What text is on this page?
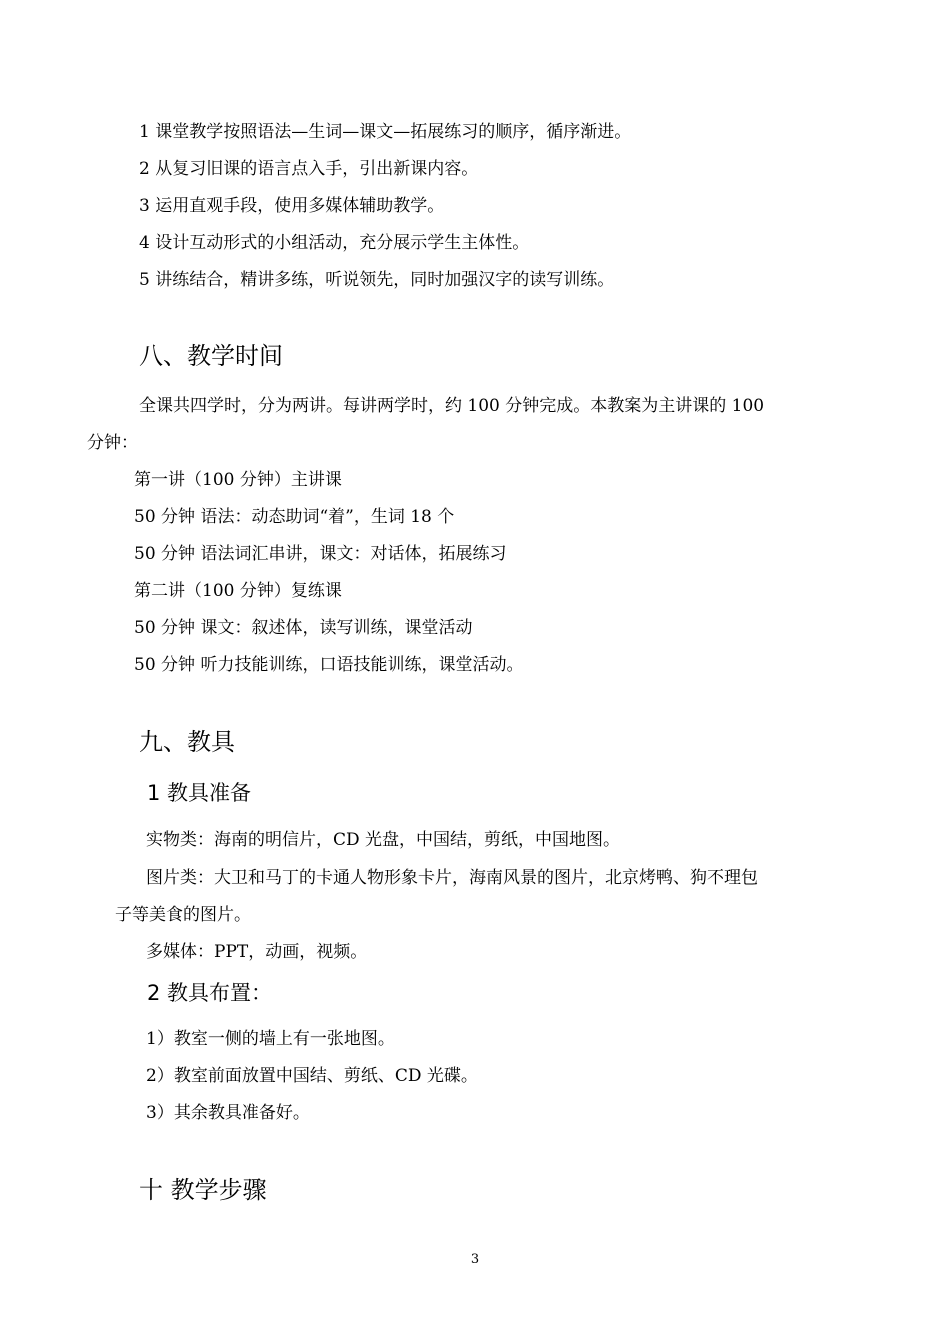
1 课堂教学按照语法—生词—课文—拓展练习的顺序，循序渐进。
2 从复习旧课的语言点入手，引出新课内容。
3 运用直观手段，使用多媒体辅助教学。
4 设计互动形式的小组活动，充分展示学生主体性。
5 讲练结合，精讲多练，听说领先，同时加强汉字的读写训练。
八、教学时间
全课共四学时，分为两讲。每讲两学时，约 100 分钟完成。本教案为主讲课的 100
分钟：
第一讲（100 分钟）主讲课
50 分钟 语法：动态助词“着”，生词 18 个
50 分钟 语法词汇串讲，课文：对话体，拓展练习
第二讲（100 分钟）复练课
50 分钟 课文：叙述体，读写训练，课堂活动
50 分钟 听力技能训练，口语技能训练，课堂活动。
九、教具
1 教具准备
实物类：海南的明信片，CD 光盘，中国结，剪纸，中国地图。
图片类：大卫和马丁的卡通人物形象卡片，海南风景的图片，北京烤鸭、狗不理包
子等美食的图片。
多媒体：PPT，动画，视频。
2 教具布置：
1）教室一侧的墙上有一张地图。
2）教室前面放置中国结、剪纸、CD 光碟。
3）其余教具准备好。
十 教学步骤
3
